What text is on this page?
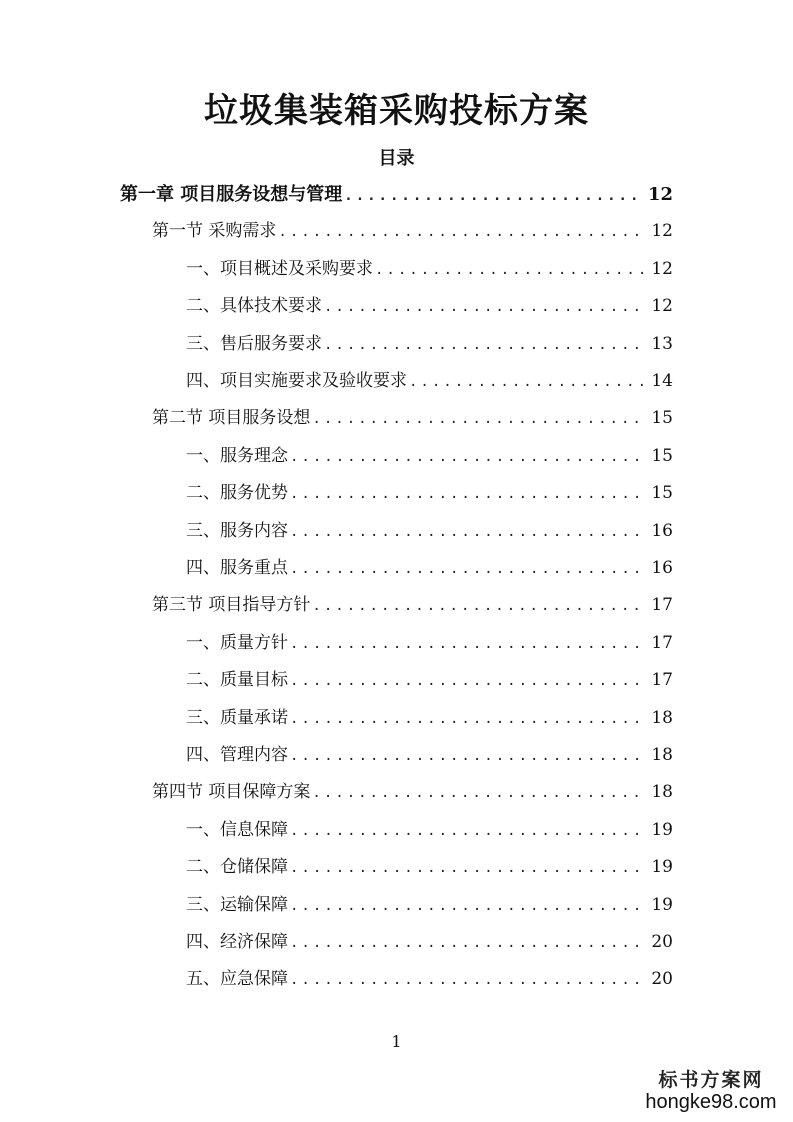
垃圾集装箱采购投标方案
目录
第一章 项目服务设想与管理 .....	12
第一节 采购需求 .....	12
一、项目概述及采购要求 .....	12
二、具体技术要求 .....	12
三、售后服务要求 .....	13
四、项目实施要求及验收要求 .....	14
第二节 项目服务设想 .....	15
一、服务理念 .....	15
二、服务优势 .....	15
三、服务内容 .....	16
四、服务重点 .....	16
第三节 项目指导方针 .....	17
一、质量方针 .....	17
二、质量目标 .....	17
三、质量承诺 .....	18
四、管理内容 .....	18
第四节 项目保障方案 .....	18
一、信息保障 .....	19
二、仓储保障 .....	19
三、运输保障 .....	19
四、经济保障 .....	20
五、应急保障 .....	20
1
标书方案网
hongke98.com
